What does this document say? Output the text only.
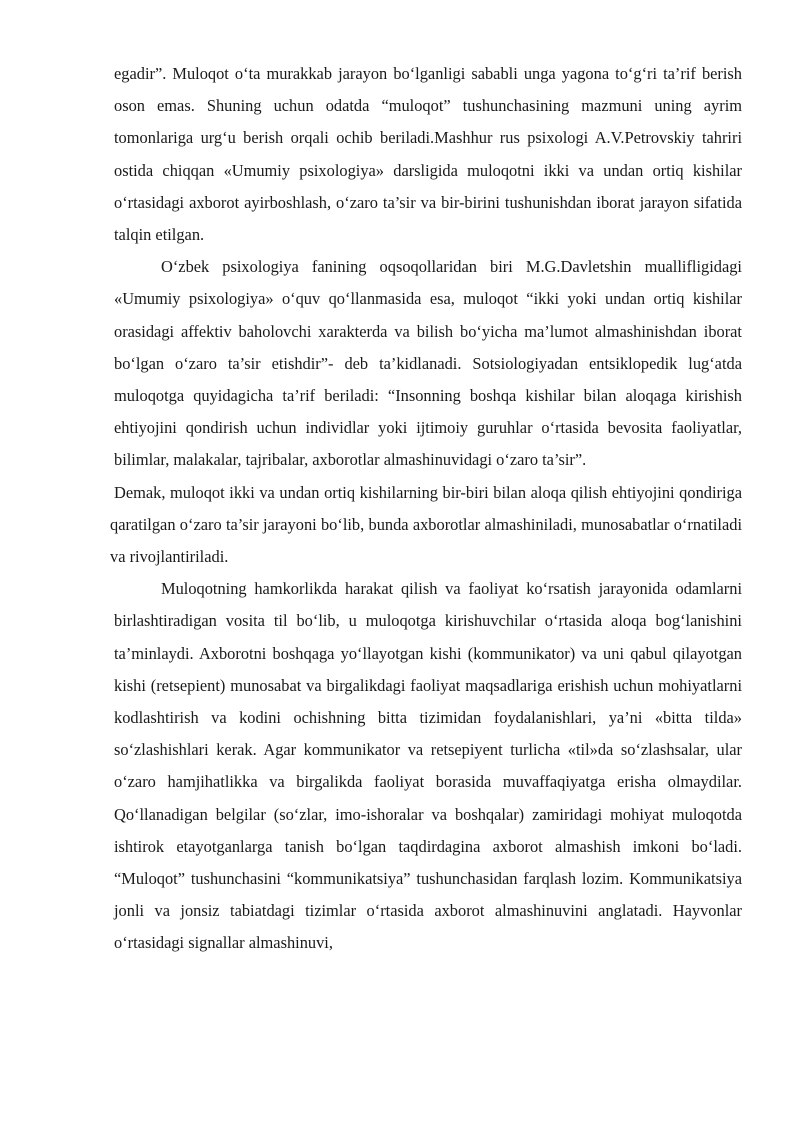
egadir”. Muloqot o‘ta murakkab jarayon bo‘lganligi sababli unga yagona to‘g‘ri ta’rif berish oson emas. Shuning uchun odatda “muloqot” tushunchasining mazmuni uning ayrim tomonlariga urg‘u berish orqali ochib beriladi.Mashhur rus psixologi A.V.Petrovskiy tahriri ostida chiqqan «Umumiy psixologiya» darsligida muloqotni ikki va undan ortiq kishilar o‘rtasidagi axborot ayirboshlash, o‘zaro ta’sir va bir-birini tushunishdan iborat jarayon sifatida talqin etilgan.

O‘zbek psixologiya fanining oqsoqollaridan biri M.G.Davletshin muallifligidagi «Umumiy psixologiya» o‘quv qo‘llanmasida esa, muloqot “ikki yoki undan ortiq kishilar orasidagi affektiv baholovchi xarakterda va bilish bo‘yicha ma’lumot almashinishdan iborat bo‘lgan o‘zaro ta’sir etishdir”- deb ta’kidlanadi. Sotsiologiyadan entsiklopedik lug‘atda muloqotga quyidagicha ta’rif beriladi: “Insonning boshqa kishilar bilan aloqaga kirishish ehtiyojini qondirish uchun individlar yoki ijtimoiy guruhlar o‘rtasida bevosita faoliyatlar, bilimlar, malakalar, tajribalar, axborotlar almashinuvidagi o‘zaro ta’sir”.

Demak, muloqot ikki va undan ortiq kishilarning bir-biri bilan aloqa qilish ehtiyojini qondiriga qaratilgan o‘zaro ta’sir jarayoni bo‘lib, bunda axborotlar almashiniladi, munosabatlar o‘rnatiladi va rivojlantiriladi.

Muloqotning hamkorlikda harakat qilish va faoliyat ko‘rsatish jarayonida odamlarni birlashtiradigan vosita til bo‘lib, u muloqotga kirishuvchilar o‘rtasida aloqa bog‘lanishini ta’minlaydi. Axborotni boshqaga yo‘llayotgan kishi (kommunikator) va uni qabul qilayotgan kishi (retsepient) munosabat va birgalikdagi faoliyat maqsadlariga erishish uchun mohiyatlarni kodlashtirish va kodini ochishning bitta tizimidan foydalanishlari, ya’ni «bitta tilda» so‘zlashishlari kerak. Agar kommunikator va retsepiyent turlicha «til»da so‘zlashsalar, ular o‘zaro hamjihatlikka va birgalikda faoliyat borasida muvaffaqiyatga erisha olmaydilar. Qo‘llanadigan belgilar (so‘zlar, imo-ishoralar va boshqalar) zamiridagi mohiyat muloqotda ishtirok etayotganlarga tanish bo‘lgan taqdirdagina axborot almashish imkoni bo‘ladi. “Muloqot” tushunchasini “kommunikatsiya” tushunchasidan farqlash lozim. Kommunikatsiya jonli va jonsiz tabiatdagi tizimlar o‘rtasida axborot almashinuvini anglatadi. Hayvonlar o‘rtasidagi signallar almashinuvi,
